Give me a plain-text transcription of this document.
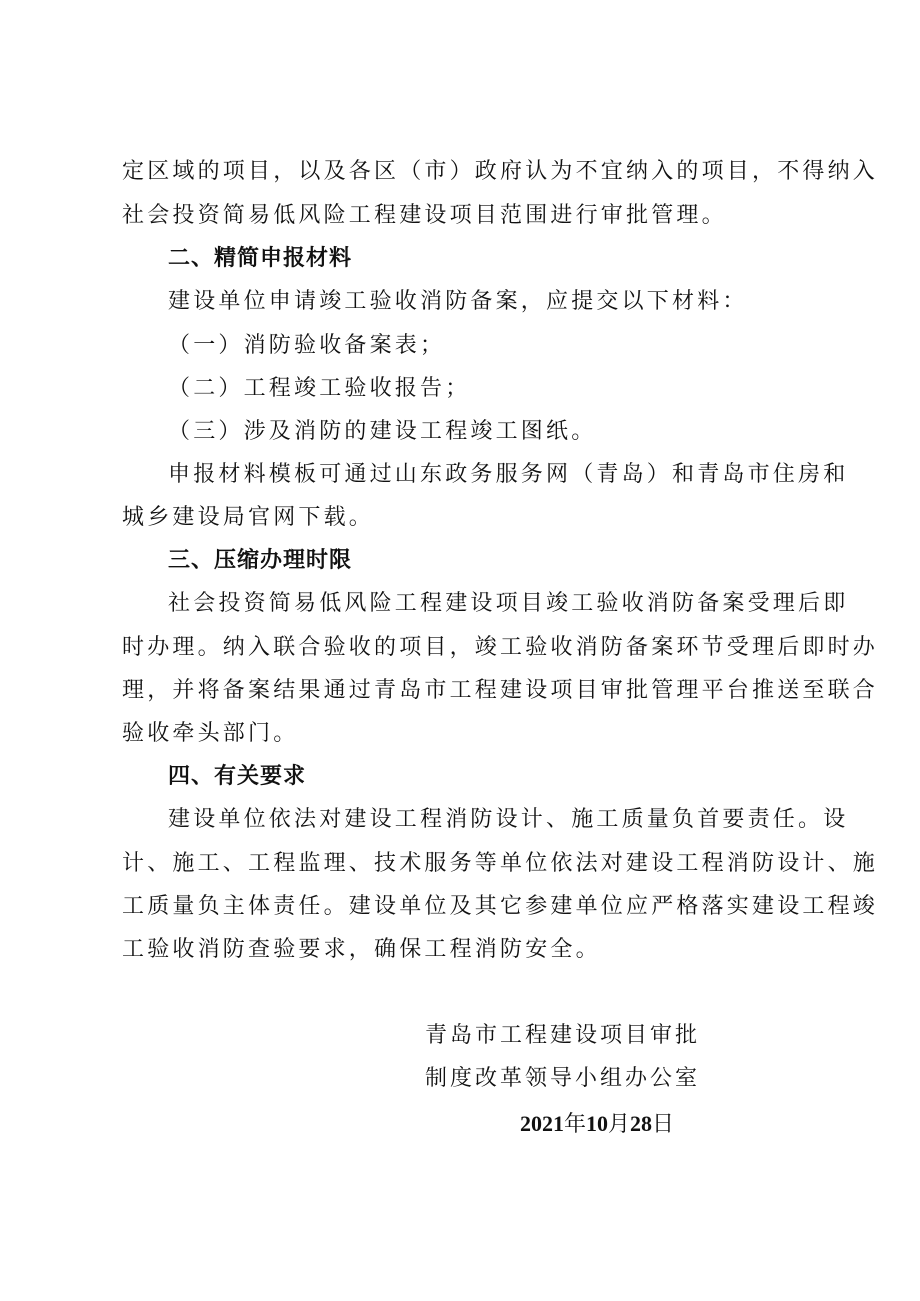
定区域的项目，以及各区（市）政府认为不宜纳入的项目，不得纳入
社会投资简易低风险工程建设项目范围进行审批管理。
二、精简申报材料
建设单位申请竣工验收消防备案，应提交以下材料：
（一）消防验收备案表；
（二）工程竣工验收报告；
（三）涉及消防的建设工程竣工图纸。
申报材料模板可通过山东政务服务网（青岛）和青岛市住房和
城乡建设局官网下载。
三、压缩办理时限
社会投资简易低风险工程建设项目竣工验收消防备案受理后即
时办理。纳入联合验收的项目，竣工验收消防备案环节受理后即时办
理，并将备案结果通过青岛市工程建设项目审批管理平台推送至联合
验收牵头部门。
四、有关要求
建设单位依法对建设工程消防设计、施工质量负首要责任。设
计、施工、工程监理、技术服务等单位依法对建设工程消防设计、施
工质量负主体责任。建设单位及其它参建单位应严格落实建设工程竣
工验收消防查验要求，确保工程消防安全。
青岛市工程建设项目审批
制度改革领导小组办公室
2021年10月28日
